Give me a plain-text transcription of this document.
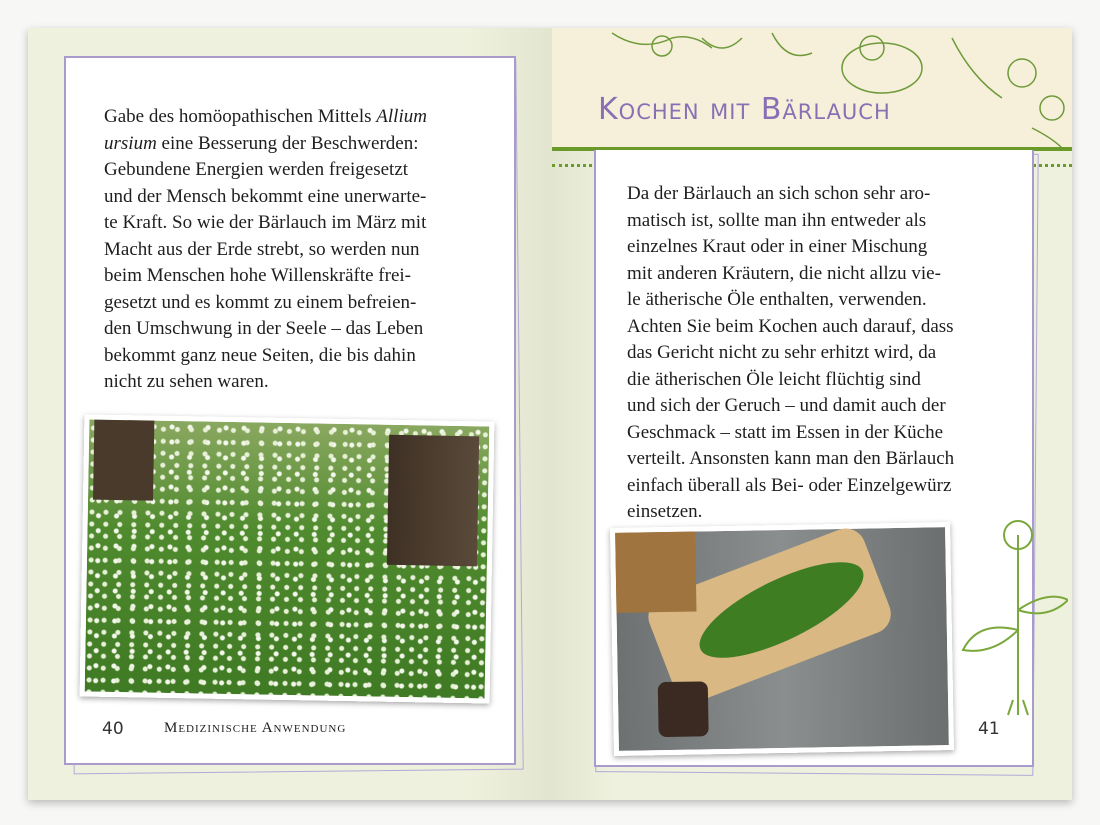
Kochen mit Bärlauch
Gabe des homöopathischen Mittels Allium
ursium eine Besserung der Beschwerden:
Gebundene Energien werden freigesetzt
und der Mensch bekommt eine unerwarte-
te Kraft. So wie der Bärlauch im März mit
Macht aus der Erde strebt, so werden nun
beim Menschen hohe Willenskräfte frei-
gesetzt und es kommt zu einem befreien-
den Umschwung in der Seele – das Leben
bekommt ganz neue Seiten, die bis dahin
nicht zu sehen waren.
Da der Bärlauch an sich schon sehr aro-
matisch ist, sollte man ihn entweder als
einzelnes Kraut oder in einer Mischung
mit anderen Kräutern, die nicht allzu vie-
le ätherische Öle enthalten, verwenden.
Achten Sie beim Kochen auch darauf, dass
das Gericht nicht zu sehr erhitzt wird, da
die ätherischen Öle leicht flüchtig sind
und sich der Geruch – und damit auch der
Geschmack – statt im Essen in der Küche
verteilt. Ansonsten kann man den Bärlauch
einfach überall als Bei- oder Einzelgewürz
einsetzen.
40	Medizinische Anwendung	41
